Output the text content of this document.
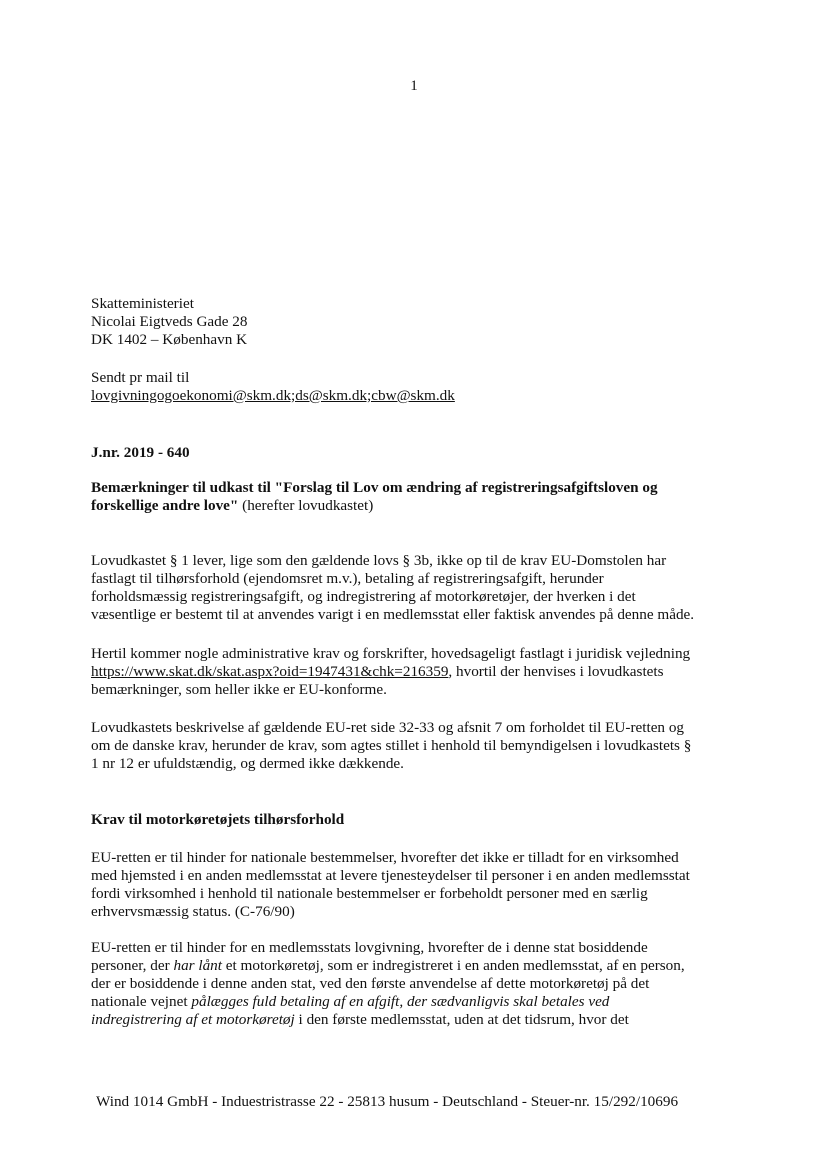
1
Skatteministeriet
Nicolai Eigtveds Gade 28
DK 1402 – København K
Sendt pr mail til
lovgivningogoekonomi@skm.dk;ds@skm.dk;cbw@skm.dk
J.nr. 2019 - 640
Bemærkninger til udkast til "Forslag til Lov om ændring af registreringsafgiftsloven og
forskellige andre love" (herefter lovudkastet)
Lovudkastet § 1 lever, lige som den gældende lovs § 3b, ikke op til de krav EU-Domstolen har
fastlagt til tilhørsforhold (ejendomsret m.v.), betaling af registreringsafgift, herunder
forholdsmæssig registreringsafgift, og indregistrering af motorkøretøjer, der hverken i det
væsentlige er bestemt til at anvendes varigt i en medlemsstat eller faktisk anvendes på denne måde.
Hertil kommer nogle administrative krav og forskrifter, hovedsageligt fastlagt i juridisk vejledning
https://www.skat.dk/skat.aspx?oid=1947431&chk=216359, hvortil der henvises i lovudkastets
bemærkninger, som heller ikke er EU-konforme.
Lovudkastets beskrivelse af gældende EU-ret side 32-33 og afsnit 7 om forholdet til EU-retten og
om de danske krav, herunder de krav, som agtes stillet i henhold til bemyndigelsen i lovudkastets §
1 nr 12 er ufuldstændig, og dermed ikke dækkende.
Krav til motorkøretøjets tilhørsforhold
EU-retten er til hinder for nationale bestemmelser, hvorefter det ikke er tilladt for en virksomhed
med hjemsted i en anden medlemsstat at levere tjenesteydelser til personer i en anden medlemsstat
fordi virksomhed i henhold til nationale bestemmelser er forbeholdt personer med en særlig
erhvervsmæssig status. (C-76/90)
EU-retten er til hinder for en medlemsstats lovgivning, hvorefter de i denne stat bosiddende
personer, der har lånt et motorkøretøj, som er indregistreret i en anden medlemsstat, af en person,
der er bosiddende i denne anden stat, ved den første anvendelse af dette motorkøretøj på det
nationale vejnet pålægges fuld betaling af en afgift, der sædvanligvis skal betales ved
indregistrering af et motorkøretøj i den første medlemsstat, uden at det tidsrum, hvor det
Wind 1014 GmbH - Induestristrasse 22 - 25813 husum - Deutschland - Steuer-nr. 15/292/10696
